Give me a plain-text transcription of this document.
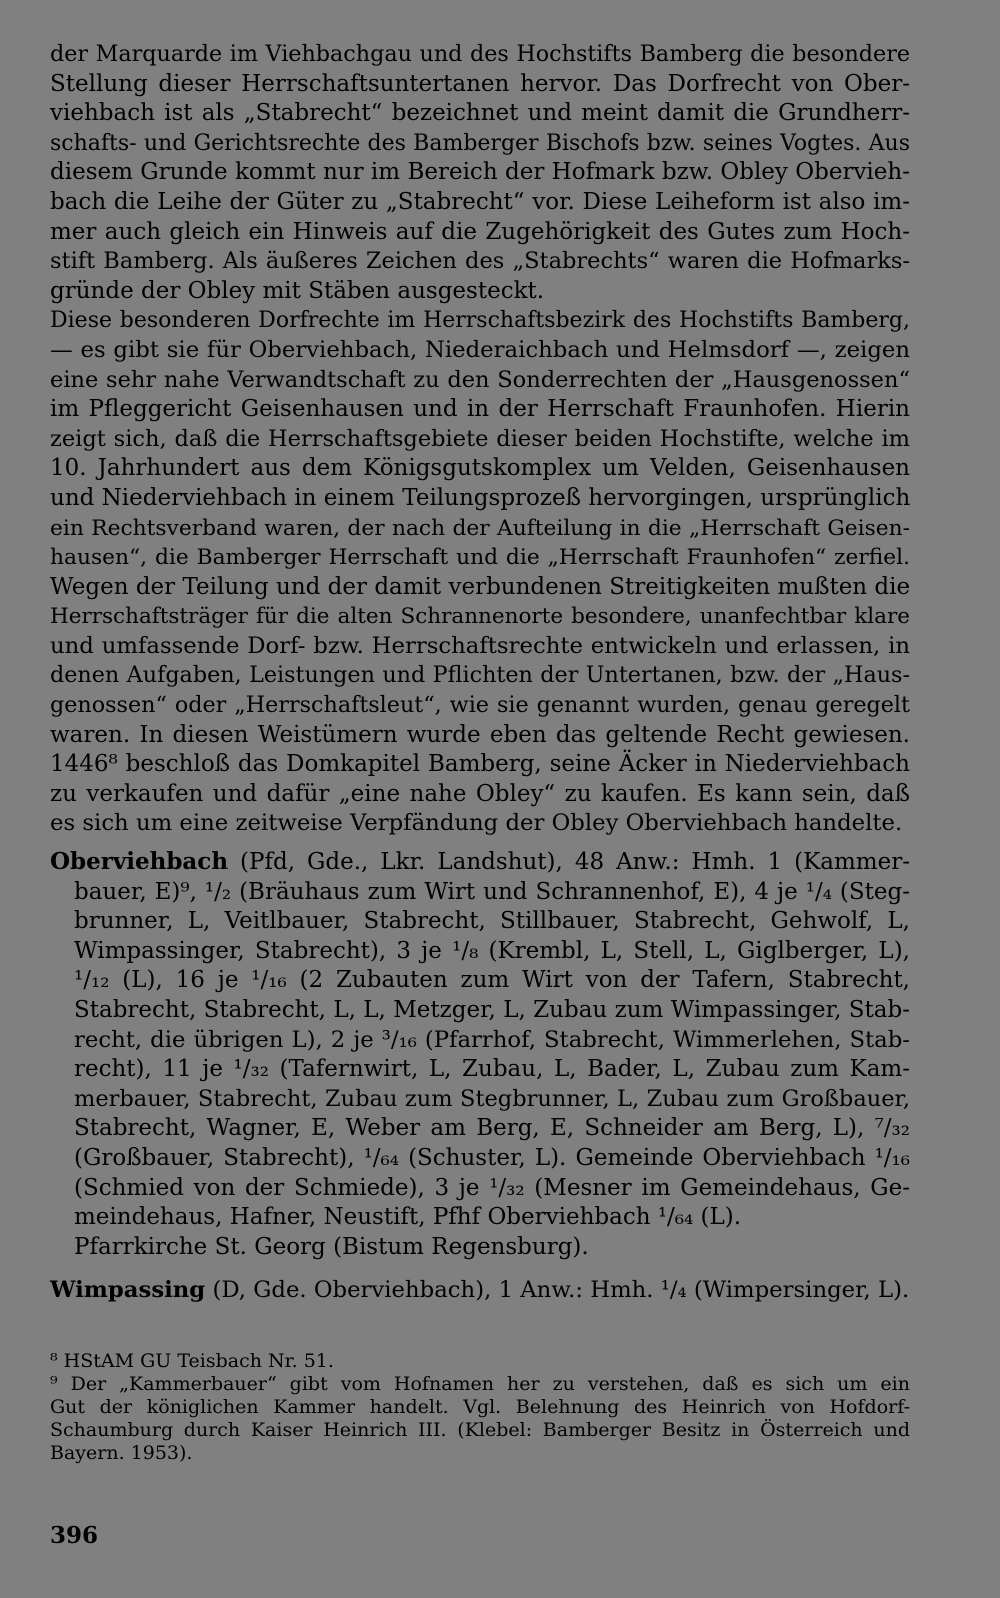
der Marquarde im Viehbachgau und des Hochstifts Bamberg die besondere
Stellung dieser Herrschaftsuntertanen hervor. Das Dorfrecht von Ober-
viehbach ist als „Stabrecht“ bezeichnet und meint damit die Grundherr-
schafts- und Gerichtsrechte des Bamberger Bischofs bzw. seines Vogtes. Aus
diesem Grunde kommt nur im Bereich der Hofmark bzw. Obley Obervieh-
bach die Leihe der Güter zu „Stabrecht“ vor. Diese Leiheform ist also im-
mer auch gleich ein Hinweis auf die Zugehörigkeit des Gutes zum Hoch-
stift Bamberg. Als äußeres Zeichen des „Stabrechts“ waren die Hofmarks-
gründe der Obley mit Stäben ausgesteckt.
Diese besonderen Dorfrechte im Herrschaftsbezirk des Hochstifts Bamberg,
— es gibt sie für Oberviehbach, Niederaichbach und Helmsdorf —, zeigen
eine sehr nahe Verwandtschaft zu den Sonderrechten der „Hausgenossen“
im Pfleggericht Geisenhausen und in der Herrschaft Fraunhofen. Hierin
zeigt sich, daß die Herrschaftsgebiete dieser beiden Hochstifte, welche im
10. Jahrhundert aus dem Königsgutskomplex um Velden, Geisenhausen
und Niederviehbach in einem Teilungsprozeß hervorgingen, ursprünglich
ein Rechtsverband waren, der nach der Aufteilung in die „Herrschaft Geisen-
hausen“, die Bamberger Herrschaft und die „Herrschaft Fraunhofen“ zerfiel.
Wegen der Teilung und der damit verbundenen Streitigkeiten mußten die
Herrschaftsträger für die alten Schrannenorte besondere, unanfechtbar klare
und umfassende Dorf- bzw. Herrschaftsrechte entwickeln und erlassen, in
denen Aufgaben, Leistungen und Pflichten der Untertanen, bzw. der „Haus-
genossen“ oder „Herrschaftsleut“, wie sie genannt wurden, genau geregelt
waren. In diesen Weistümern wurde eben das geltende Recht gewiesen.
1446⁸ beschloß das Domkapitel Bamberg, seine Äcker in Niederviehbach
zu verkaufen und dafür „eine nahe Obley“ zu kaufen. Es kann sein, daß
es sich um eine zeitweise Verpfändung der Obley Oberviehbach handelte.
Oberviehbach (Pfd, Gde., Lkr. Landshut), 48 Anw.: Hmh. 1 (Kammer-
bauer, E)⁹, ¹/₂ (Bräuhaus zum Wirt und Schrannenhof, E), 4 je ¹/₄ (Steg-
brunner, L, Veitlbauer, Stabrecht, Stillbauer, Stabrecht, Gehwolf, L,
Wimpassinger, Stabrecht), 3 je ¹/₈ (Krembl, L, Stell, L, Giglberger, L),
¹/₁₂ (L), 16 je ¹/₁₆ (2 Zubauten zum Wirt von der Tafern, Stabrecht,
Stabrecht, Stabrecht, L, L, Metzger, L, Zubau zum Wimpassinger, Stab-
recht, die übrigen L), 2 je ³/₁₆ (Pfarrhof, Stabrecht, Wimmerlehen, Stab-
recht), 11 je ¹/₃₂ (Tafernwirt, L, Zubau, L, Bader, L, Zubau zum Kam-
merbauer, Stabrecht, Zubau zum Stegbrunner, L, Zubau zum Großbauer,
Stabrecht, Wagner, E, Weber am Berg, E, Schneider am Berg, L), ⁷/₃₂
(Großbauer, Stabrecht), ¹/₆₄ (Schuster, L). Gemeinde Oberviehbach ¹/₁₆
(Schmied von der Schmiede), 3 je ¹/₃₂ (Mesner im Gemeindehaus, Ge-
meindehaus, Hafner, Neustift, Pfhf Oberviehbach ¹/₆₄ (L).
Pfarrkirche St. Georg (Bistum Regensburg).
Wimpassing (D, Gde. Oberviehbach), 1 Anw.: Hmh. ¹/₄ (Wimpersinger, L).
⁸ HStAM GU Teisbach Nr. 51.
⁹ Der „Kammerbauer“ gibt vom Hofnamen her zu verstehen, daß es sich um ein
Gut der königlichen Kammer handelt. Vgl. Belehnung des Heinrich von Hofdorf-
Schaumburg durch Kaiser Heinrich III. (Klebel: Bamberger Besitz in Österreich und
Bayern. 1953).
396
